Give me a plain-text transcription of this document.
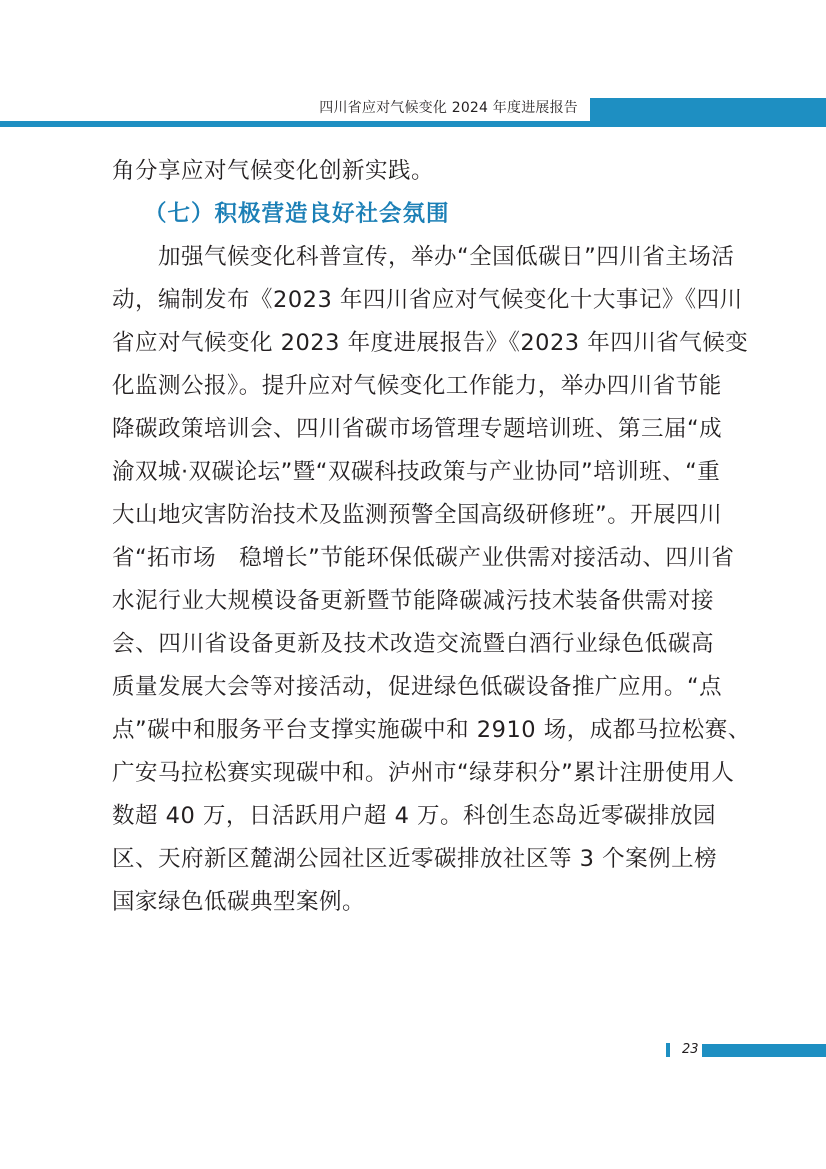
四川省应对气候变化 2024 年度进展报告
角分享应对气候变化创新实践。
（七）积极营造良好社会氛围
加强气候变化科普宣传，举办“全国低碳日”四川省主场活
动，编制发布《2023 年四川省应对气候变化十大事记》《四川
省应对气候变化 2023 年度进展报告》《2023 年四川省气候变
化监测公报》。提升应对气候变化工作能力，举办四川省节能
降碳政策培训会、四川省碳市场管理专题培训班、第三届“成
渝双城·双碳论坛”暨“双碳科技政策与产业协同”培训班、“重
大山地灾害防治技术及监测预警全国高级研修班”。开展四川
省“拓市场　稳增长”节能环保低碳产业供需对接活动、四川省
水泥行业大规模设备更新暨节能降碳减污技术装备供需对接
会、四川省设备更新及技术改造交流暨白酒行业绿色低碳高
质量发展大会等对接活动，促进绿色低碳设备推广应用。“点
点”碳中和服务平台支撑实施碳中和 2910 场，成都马拉松赛、
广安马拉松赛实现碳中和。泸州市“绿芽积分”累计注册使用人
数超 40 万，日活跃用户超 4 万。科创生态岛近零碳排放园
区、天府新区麓湖公园社区近零碳排放社区等 3 个案例上榜
国家绿色低碳典型案例。
23
